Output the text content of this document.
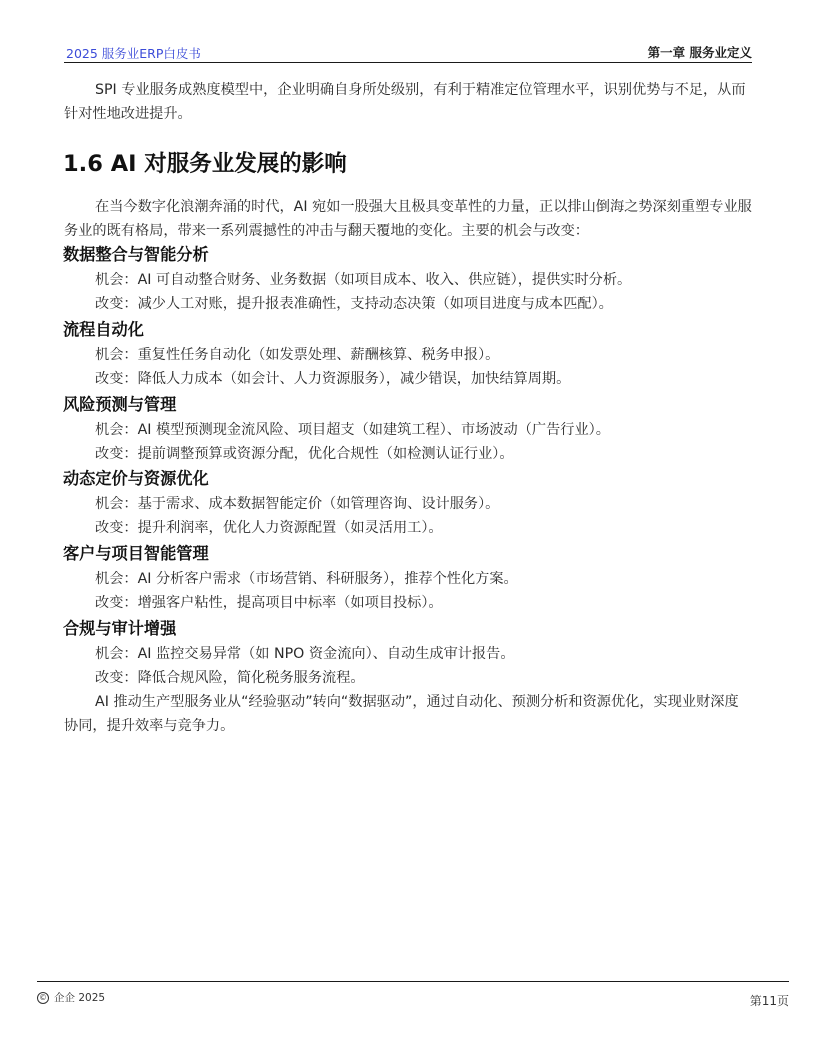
2025 服务业ERP白皮书	第一章 服务业定义

SPI 专业服务成熟度模型中，企业明确自身所处级别，有利于精准定位管理水平，识别优势与不足，从而针对性地改进提升。

1.6 AI 对服务业发展的影响

在当今数字化浪潮奔涌的时代，AI 宛如一股强大且极具变革性的力量，正以排山倒海之势深刻重塑专业服务业的既有格局，带来一系列震撼性的冲击与翻天覆地的变化。主要的机会与改变：

数据整合与智能分析

机会：AI 可自动整合财务、业务数据（如项目成本、收入、供应链），提供实时分析。

改变：减少人工对账，提升报表准确性，支持动态决策（如项目进度与成本匹配）。

流程自动化

机会：重复性任务自动化（如发票处理、薪酬核算、税务申报）。

改变：降低人力成本（如会计、人力资源服务），减少错误，加快结算周期。

风险预测与管理

机会：AI 模型预测现金流风险、项目超支（如建筑工程）、市场波动（广告行业）。

改变：提前调整预算或资源分配，优化合规性（如检测认证行业）。

动态定价与资源优化

机会：基于需求、成本数据智能定价（如管理咨询、设计服务）。

改变：提升利润率，优化人力资源配置（如灵活用工）。

客户与项目智能管理

机会：AI 分析客户需求（市场营销、科研服务），推荐个性化方案。

改变：增强客户粘性，提高项目中标率（如项目投标）。

合规与审计增强

机会：AI 监控交易异常（如 NPO 资金流向）、自动生成审计报告。

改变：降低合规风险，简化税务服务流程。

AI 推动生产型服务业从“经验驱动”转向“数据驱动”，通过自动化、预测分析和资源优化，实现业财深度协同，提升效率与竞争力。

© 企企 2025	第11页
